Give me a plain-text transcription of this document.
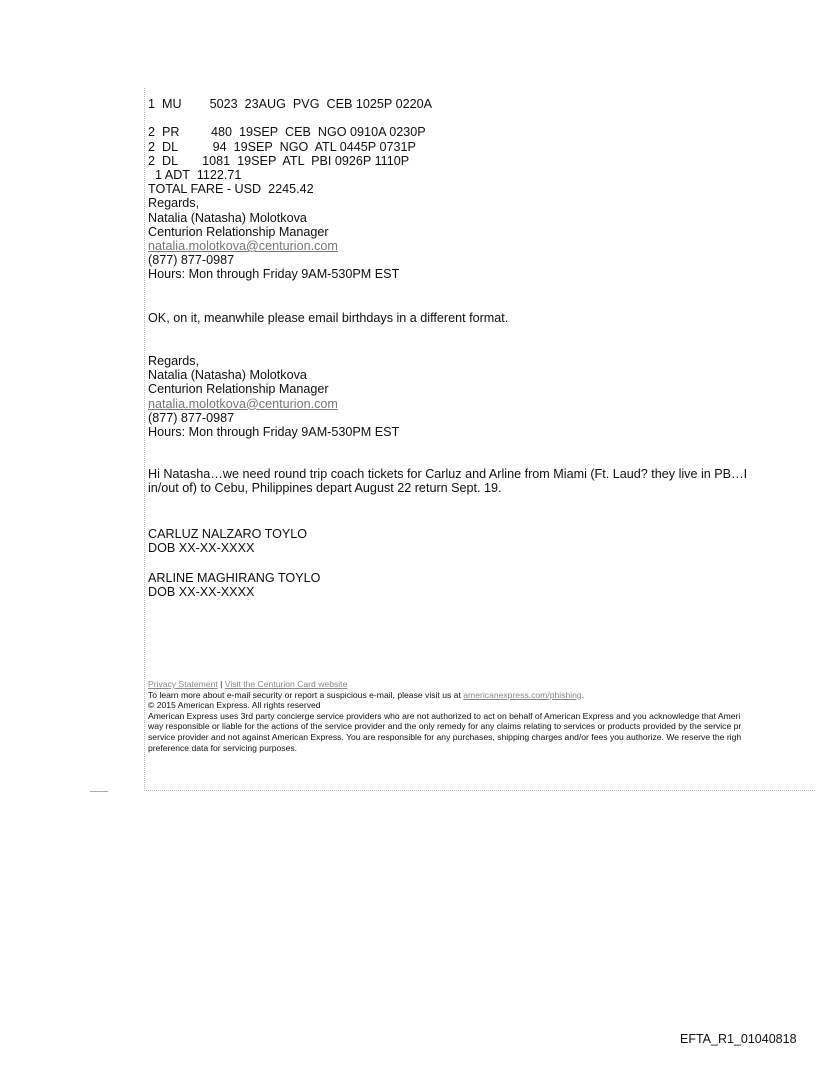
1  MU        5023  23AUG  PVG  CEB 1025P 0220A
2  PR         480  19SEP  CEB  NGO 0910A 0230P
2  DL          94  19SEP  NGO  ATL 0445P 0731P
2  DL       1081  19SEP  ATL  PBI 0926P 1110P
1 ADT  1122.71
TOTAL FARE - USD  2245.42
Regards,
Natalia (Natasha) Molotkova
Centurion Relationship Manager
natalia.molotkova@centurion.com
(877) 877-0987
Hours: Mon through Friday 9AM-530PM EST
OK, on it, meanwhile please email birthdays in a different format.
Regards,
Natalia (Natasha) Molotkova
Centurion Relationship Manager
natalia.molotkova@centurion.com
(877) 877-0987
Hours: Mon through Friday 9AM-530PM EST
Hi Natasha…we need round trip coach tickets for Carluz and Arline from Miami (Ft. Laud? they live in PB…I
in/out of) to Cebu, Philippines depart August 22 return Sept. 19.
CARLUZ NALZARO TOYLO
DOB XX-XX-XXXX
ARLINE MAGHIRANG TOYLO
DOB XX-XX-XXXX
Privacy Statement | Visit the Centurion Card website
To learn more about e-mail security or report a suspicious e-mail, please visit us at americanexpress.com/phishing.
© 2015 American Express. All rights reserved
American Express uses 3rd party concierge service providers who are not authorized to act on behalf of American Express and you acknowledge that Ameri
way responsible or liable for the actions of the service provider and the only remedy for any claims relating to services or products provided by the service pr
service provider and not against American Express. You are responsible for any purchases, shipping charges and/or fees you authorize. We reserve the righ
preference data for servicing purposes.
EFTA_R1_01040818
